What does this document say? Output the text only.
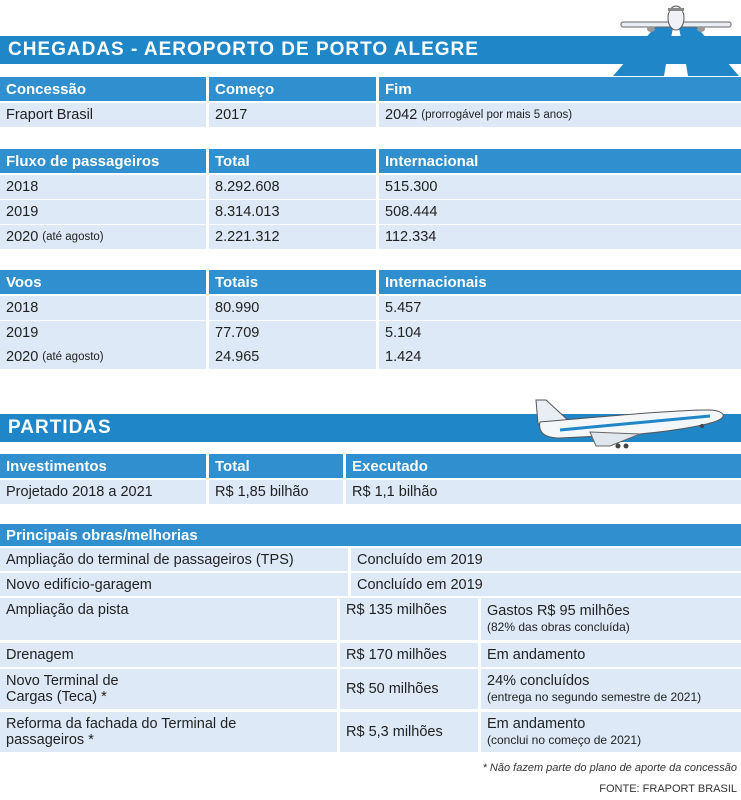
CHEGADAS - AEROPORTO DE PORTO ALEGRE
Concessão	Começo	Fim
Fraport Brasil	2017	2042 (prorrogável por mais 5 anos)
Fluxo de passageiros	Total	Internacional
2018	8.292.608	515.300
2019	8.314.013	508.444
2020 (até agosto)	2.221.312	112.334
Voos	Totais	Internacionais
2018	80.990	5.457
2019	77.709	5.104
2020 (até agosto)	24.965	1.424
PARTIDAS
Investimentos	Total	Executado
Projetado 2018 a 2021	R$ 1,85 bilhão	R$ 1,1 bilhão
Principais obras/melhorias
Ampliação do terminal de passageiros (TPS)	Concluído em 2019
Novo edifício-garagem	Concluído em 2019
Ampliação da pista	R$ 135 milhões	Gastos R$ 95 milhões
(82% das obras concluída)
Drenagem	R$ 170 milhões	Em andamento
Novo Terminal de
Cargas (Teca) *	R$ 50 milhões	24% concluídos
(entrega no segundo semestre de 2021)
Reforma da fachada do Terminal de
passageiros *	R$ 5,3 milhões	Em andamento
(conclui no começo de 2021)
* Não fazem parte do plano de aporte da concessão
FONTE: FRAPORT BRASIL
